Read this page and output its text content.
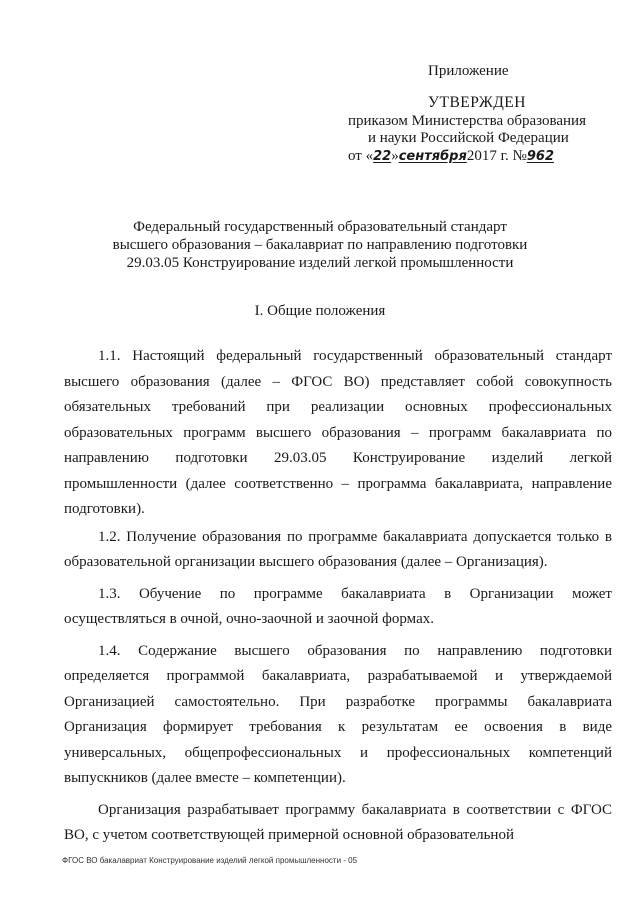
Приложение
УТВЕРЖДЕН
приказом Министерства образования
и науки Российской Федерации
от «22»сентября2017 г. №962
Федеральный государственный образовательный стандарт
высшего образования – бакалавриат по направлению подготовки
29.03.05 Конструирование изделий легкой промышленности
I. Общие положения

1.1. Настоящий федеральный государственный образовательный стандарт высшего образования (далее – ФГОС ВО) представляет собой совокупность обязательных требований при реализации основных профессиональных образовательных программ высшего образования – программ бакалавриата по направлению подготовки 29.03.05 Конструирование изделий легкой промышленности (далее соответственно – программа бакалавриата, направление подготовки).

1.2. Получение образования по программе бакалавриата допускается только в образовательной организации высшего образования (далее – Организация).

1.3. Обучение по программе бакалавриата в Организации может осуществляться в очной, очно-заочной и заочной формах.

1.4. Содержание высшего образования по направлению подготовки определяется программой бакалавриата, разрабатываемой и утверждаемой Организацией самостоятельно. При разработке программы бакалавриата Организация формирует требования к результатам ее освоения в виде универсальных, общепрофессиональных и профессиональных компетенций выпускников (далее вместе – компетенции).

Организация разрабатывает программу бакалавриата в соответствии с ФГОС ВО, с учетом соответствующей примерной основной образовательной

ФГОС ВО бакалавриат Конструирование изделий легкой промышленности - 05
